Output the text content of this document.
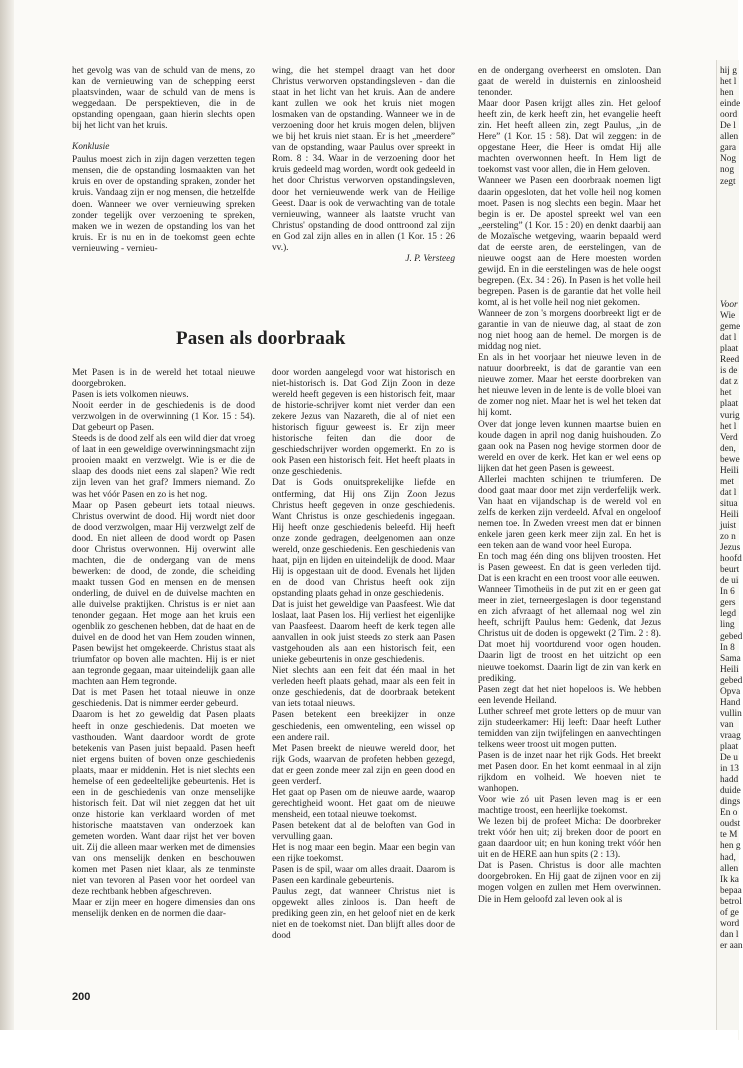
het gevolg was van de schuld van de mens, zo kan de vernieuwing van de schepping eerst plaatsvinden, waar de schuld van de mens is weggedaan. De perspektieven, die in de opstanding opengaan, gaan hierin slechts open bij het licht van het kruis.

Konklusie

Paulus moest zich in zijn dagen verzetten tegen mensen, die de opstanding losmaakten van het kruis en over de opstanding spraken, zonder het kruis. Vandaag zijn er nog mensen, die hetzelfde doen. Wanneer we over vernieuwing spreken zonder tegelijk over verzoening te spreken, maken we in wezen de opstanding los van het kruis. Er is nu en in de toekomst geen echte vernieuwing - vernieu-

wing, die het stempel draagt van het door Christus verworven opstandingsleven - dan die staat in het licht van het kruis. Aan de andere kant zullen we ook het kruis niet mogen losmaken van de opstanding. Wanneer we in de verzoening door het kruis mogen delen, blijven we bij het kruis niet staan. Er is het „meerdere” van de opstanding, waar Paulus over spreekt in Rom. 8 : 34. Waar in de verzoening door het kruis gedeeld mag worden, wordt ook gedeeld in het door Christus verworven opstandingsleven, door het vernieuwende werk van de Heilige Geest. Daar is ook de verwachting van de totale vernieuwing, wanneer als laatste vrucht van Christus' opstanding de dood onttroond zal zijn en God zal zijn alles en in allen (1 Kor. 15 : 26 vv.).

J. P. Versteeg

Pasen als doorbraak

Met Pasen is in de wereld het totaal nieuwe doorgebroken.

Pasen is iets volkomen nieuws.

Nooit eerder in de geschiedenis is de dood verzwolgen in de overwinning (1 Kor. 15 : 54). Dat gebeurt op Pasen.

Steeds is de dood zelf als een wild dier dat vroeg of laat in een geweldige overwinningsmacht zijn prooien maakt en verzwelgt. Wie is er die de slaap des doods niet eens zal slapen? Wie redt zijn leven van het graf? Immers niemand. Zo was het vóór Pasen en zo is het nog.

Maar op Pasen gebeurt iets totaal nieuws. Christus overwint de dood. Hij wordt niet door de dood verzwolgen, maar Hij verzwelgt zelf de dood. En niet alleen de dood wordt op Pasen door Christus overwonnen. Hij overwint alle machten, die de ondergang van de mens bewerken: de dood, de zonde, die scheiding maakt tussen God en mensen en de mensen onderling, de duivel en de duivelse machten en alle duivelse praktijken. Christus is er niet aan tenonder gegaan. Het moge aan het kruis een ogenblik zo geschenen hebben, dat de haat en de duivel en de dood het van Hem zouden winnen, Pasen bewijst het omgekeerde. Christus staat als triumfator op boven alle machten. Hij is er niet aan tegronde gegaan, maar uiteindelijk gaan alle machten aan Hem tegronde.

Dat is met Pasen het totaal nieuwe in onze geschiedenis. Dat is nimmer eerder gebeurd.

Daarom is het zo geweldig dat Pasen plaats heeft in onze geschiedenis. Dat moeten we vasthouden. Want daardoor wordt de grote betekenis van Pasen juist bepaald. Pasen heeft niet ergens buiten of boven onze geschiedenis plaats, maar er middenin. Het is niet slechts een hemelse of een gedeeltelijke gebeurtenis. Het is een in de geschiedenis van onze menselijke historisch feit. Dat wil niet zeggen dat het uit onze historie kan verklaard worden of met historische maatstaven van onderzoek kan gemeten worden. Want daar rijst het ver boven uit. Zij die alleen maar werken met de dimensies van ons menselijk denken en beschouwen komen met Pasen niet klaar, als ze tenminste niet van tevoren al Pasen voor het oordeel van deze rechtbank hebben afgeschreven.

Maar er zijn meer en hogere dimensies dan ons menselijk denken en de normen die daar-

door worden aangelegd voor wat historisch en niet-historisch is. Dat God Zijn Zoon in deze wereld heeft gegeven is een historisch feit, maar de historie-schrijver komt niet verder dan een zekere Jezus van Nazareth, die al of niet een historisch figuur geweest is. Er zijn meer historische feiten dan die door de geschiedschrijver worden opgemerkt. En zo is ook Pasen een historisch feit. Het heeft plaats in onze geschiedenis.

Dat is Gods onuitsprekelijke liefde en ontferming, dat Hij ons Zijn Zoon Jezus Christus heeft gegeven in onze geschiedenis. Want Christus is onze geschiedenis ingegaan. Hij heeft onze geschiedenis beleefd. Hij heeft onze zonde gedragen, deelgenomen aan onze wereld, onze geschiedenis. Een geschiedenis van haat, pijn en lijden en uiteindelijk de dood. Maar Hij is opgestaan uit de dood. Evenals het lijden en de dood van Christus heeft ook zijn opstanding plaats gehad in onze geschiedenis.

Dat is juist het geweldige van Paasfeest. Wie dat loslaat, laat Pasen los. Hij verliest het eigenlijke van Paasfeest. Daarom heeft de kerk tegen alle aanvallen in ook juist steeds zo sterk aan Pasen vastgehouden als aan een historisch feit, een unieke gebeurtenis in onze geschiedenis.

Niet slechts aan een feit dat één maal in het verleden heeft plaats gehad, maar als een feit in onze geschiedenis, dat de doorbraak betekent van iets totaal nieuws.

Pasen betekent een breekijzer in onze geschiedenis, een omwenteling, een wissel op een andere rail.

Met Pasen breekt de nieuwe wereld door, het rijk Gods, waarvan de profeten hebben gezegd, dat er geen zonde meer zal zijn en geen dood en geen verderf.

Het gaat op Pasen om de nieuwe aarde, waarop gerechtigheid woont. Het gaat om de nieuwe mensheid, een totaal nieuwe toekomst.

Pasen betekent dat al de beloften van God in vervulling gaan.

Het is nog maar een begin. Maar een begin van een rijke toekomst.

Pasen is de spil, waar om alles draait. Daarom is Pasen een kardinale gebeurtenis.

Paulus zegt, dat wanneer Christus niet is opgewekt alles zinloos is. Dan heeft de prediking geen zin, en het geloof niet en de kerk niet en de toekomst niet. Dan blijft alles door de dood

en de ondergang overheerst en omsloten. Dan gaat de wereld in duisternis en zinloosheid tenonder.

Maar door Pasen krijgt alles zin. Het geloof heeft zin, de kerk heeft zin, het evangelie heeft zin. Het heeft alleen zin, zegt Paulus, „in de Here” (1 Kor. 15 : 58). Dat wil zeggen: in de opgestane Heer, die Heer is omdat Hij alle machten overwonnen heeft. In Hem ligt de toekomst vast voor allen, die in Hem geloven.

Wanneer we Pasen een doorbraak noemen ligt daarin opgesloten, dat het volle heil nog komen moet. Pasen is nog slechts een begin. Maar het begin is er. De apostel spreekt wel van een „eersteling” (1 Kor. 15 : 20) en denkt daarbij aan de Mozaïsche wetgeving, waarin bepaald werd dat de eerste aren, de eerstelingen, van de nieuwe oogst aan de Here moesten worden gewijd. En in die eerstelingen was de hele oogst begrepen. (Ex. 34 : 26). In Pasen is het volle heil begrepen. Pasen is de garantie dat het volle heil komt, al is het volle heil nog niet gekomen.

Wanneer de zon 's morgens doorbreekt ligt er de garantie in van de nieuwe dag, al staat de zon nog niet hoog aan de hemel. De morgen is de middag nog niet.

En als in het voorjaar het nieuwe leven in de natuur doorbreekt, is dat de garantie van een nieuwe zomer. Maar het eerste doorbreken van het nieuwe leven in de lente is de volle bloei van de zomer nog niet. Maar het is wel het teken dat hij komt.

Over dat jonge leven kunnen maartse buien en koude dagen in april nog danig huishouden. Zo gaan ook na Pasen nog hevige stormen door de wereld en over de kerk. Het kan er wel eens op lijken dat het geen Pasen is geweest.

Allerlei machten schijnen te triumferen. De dood gaat maar door met zijn verderfelijk werk. Van haat en vijandschap is de wereld vol en zelfs de kerken zijn verdeeld. Afval en ongeloof nemen toe. In Zweden vreest men dat er binnen enkele jaren geen kerk meer zijn zal. En het is een teken aan de wand voor heel Europa.

En toch mag één ding ons blijven troosten. Het is Pasen geweest. En dat is geen verleden tijd. Dat is een kracht en een troost voor alle eeuwen.

Wanneer Timotheüs in de put zit en er geen gat meer in ziet, terneergeslagen is door tegenstand en zich afvraagt of het allemaal nog wel zin heeft, schrijft Paulus hem: Gedenk, dat Jezus Christus uit de doden is opgewekt (2 Tim. 2 : 8). Dat moet hij voortdurend voor ogen houden. Daarin ligt de troost en het uitzicht op een nieuwe toekomst. Daarin ligt de zin van kerk en prediking.

Pasen zegt dat het niet hopeloos is. We hebben een levende Heiland.

Luther schreef met grote letters op de muur van zijn studeerkamer: Hij leeft: Daar heeft Luther temidden van zijn twijfelingen en aanvechtingen telkens weer troost uit mogen putten.

Pasen is de inzet naar het rijk Gods. Het breekt met Pasen door. En het komt eenmaal in al zijn rijkdom en volheid. We hoeven niet te wanhopen.

Voor wie zó uit Pasen leven mag is er een machtige troost, een heerlijke toekomst.

We lezen bij de profeet Micha: De doorbreker trekt vóór hen uit; zij breken door de poort en gaan daardoor uit; en hun koning trekt vóór hen uit en de HERE aan hun spits (2 : 13).

Dat is Pasen. Christus is door alle machten doorgebroken. En Hij gaat de zijnen voor en zij mogen volgen en zullen met Hem overwinnen. Die in Hem geloofd zal leven ook al is

200
hij g
het l
hen
einde
oord
De l
allen
gara
Nog
nog
zegt
Voor
Wie
geme
dat l
plaat
Reed
is de
dat z
het
plaat
vurig
het l
Verd
den,
bewe
Heili
met
dat l
situa
Heili
juist
zo n
Jezus
hoofd
beurt
de ui
In 6
gers
legd
ling
gebed
In 8
Sama
Heili
gebed
Opva
Hand
vullin
van
vraag
plaat
De u
in 13
hadd
duide
dings
En o
oudst
te M
hen g
had,
allen
Ik ka
bepaa
betrol
of ge
word
dan l
er aan
